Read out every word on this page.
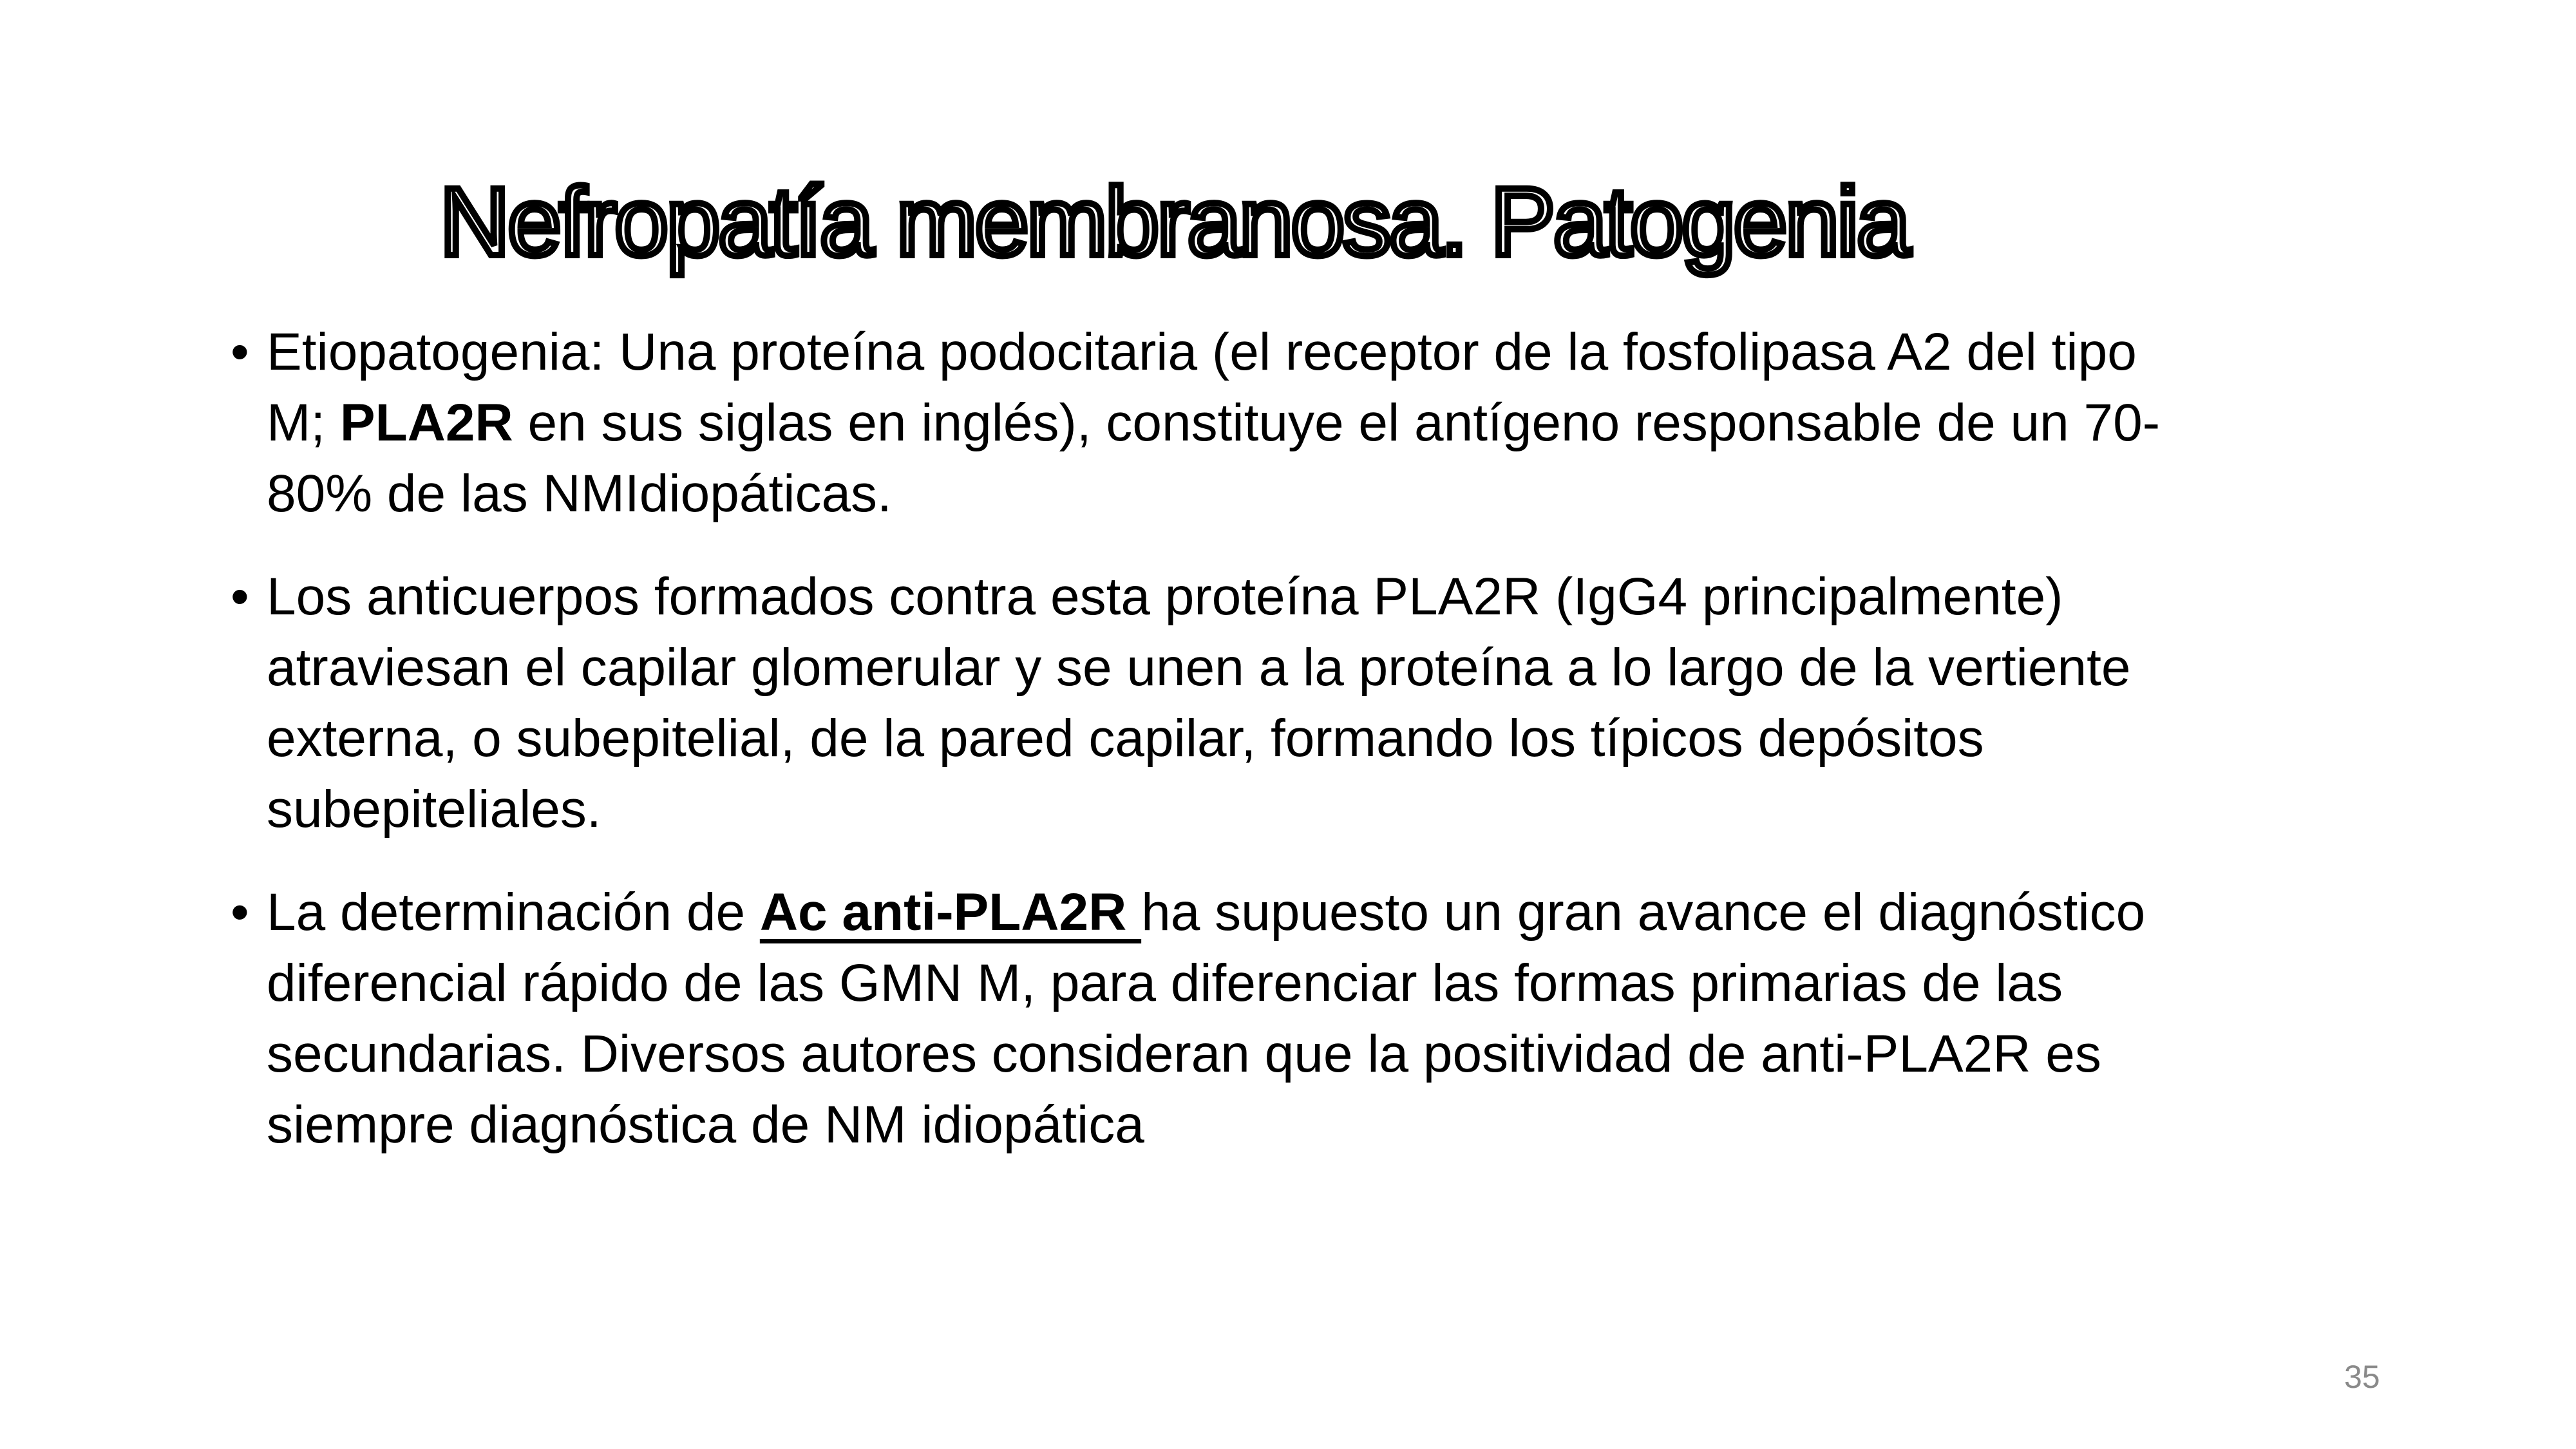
Nefropatía membranosa. Patogenia
• Etiopatogenia: Una proteína podocitaria (el receptor de la fosfolipasa A2 del tipo
M; PLA2R en sus siglas en inglés), constituye el antígeno responsable de un 70-
80% de las NMIdiopáticas.
• Los anticuerpos formados contra esta proteína PLA2R (IgG4 principalmente)
atraviesan el capilar glomerular y se unen a la proteína a lo largo de la vertiente
externa, o subepitelial, de la pared capilar, formando los típicos depósitos
subepiteliales.
• La determinación de Ac anti-PLA2R ha supuesto un gran avance el diagnóstico
diferencial rápido de las GMN M, para diferenciar las formas primarias de las
secundarias. Diversos autores consideran que la positividad de anti-PLA2R es
siempre diagnóstica de NM idiopática
35
